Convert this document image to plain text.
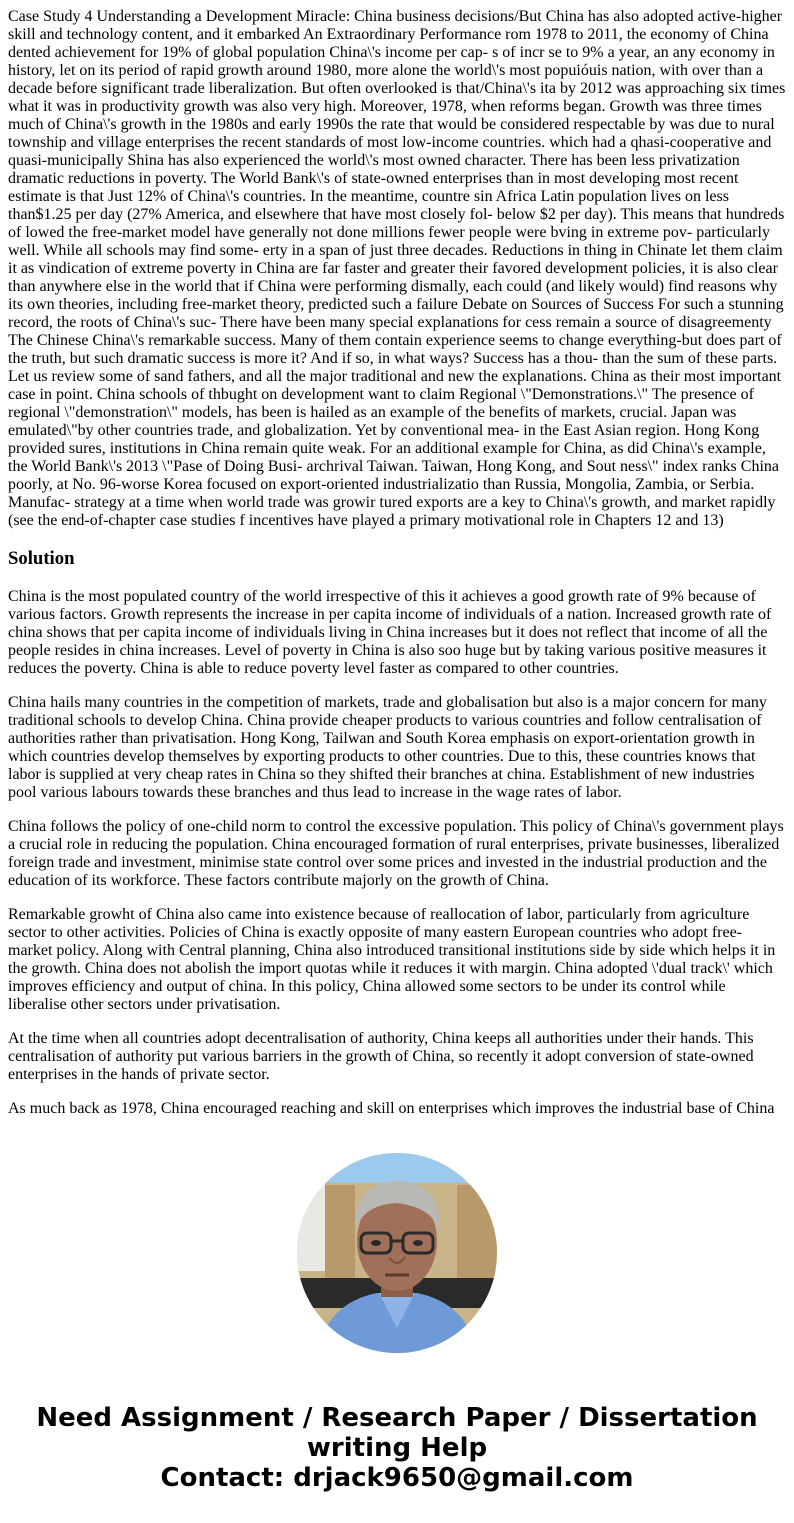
Case Study 4 Understanding a Development Miracle: China business decisions/But China has also adopted active-higher skill and technology content, and it embarked An Extraordinary Performance rom 1978 to 2011, the economy of China dented achievement for 19% of global population China\'s income per cap- s of incr se to 9% a year, an any economy in history, let on its period of rapid growth around 1980, more alone the world\'s most popuióuis nation, with over than a decade before significant trade liberalization. But often overlooked is that/China\'s ita by 2012 was approaching six times what it was in productivity growth was also very high. Moreover, 1978, when reforms began. Growth was three times much of China\'s growth in the 1980s and early 1990s the rate that would be considered respectable by was due to nural township and village enterprises the recent standards of most low-income countries. which had a qhasi-cooperative and quasi-municipally Shina has also experienced the world\'s most owned character. There has been less privatization dramatic reductions in poverty. The World Bank\'s of state-owned enterprises than in most developing most recent estimate is that Just 12% of China\'s countries. In the meantime, countre sin Africa Latin population lives on less than$1.25 per day (27% America, and elsewhere that have most closely fol- below $2 per day). This means that hundreds of lowed the free-market model have generally not done millions fewer people were bving in extreme pov- particularly well. While all schools may find some- erty in a span of just three decades. Reductions in thing in Chinate let them claim it as vindication of extreme poverty in China are far faster and greater their favored development policies, it is also clear than anywhere else in the world that if China were performing dismally, each could (and likely would) find reasons why its own theories, including free-market theory, predicted such a failure Debate on Sources of Success For such a stunning record, the roots of China\'s suc- There have been many special explanations for cess remain a source of disagreementy The Chinese China\'s remarkable success. Many of them contain experience seems to change everything-but does part of the truth, but such dramatic success is more it? And if so, in what ways? Success has a thou- than the sum of these parts. Let us review some of sand fathers, and all the major traditional and new the explanations. China as their most important case in point. China schools of thbught on development want to claim Regional \"Demonstrations.\" The presence of regional \"demonstration\" models, has been is hailed as an example of the benefits of markets, crucial. Japan was emulated\"by other countries trade, and globalization. Yet by conventional mea- in the East Asian region. Hong Kong provided sures, institutions in China remain quite weak. For an additional example for China, as did China\'s example, the World Bank\'s 2013 \"Pase of Doing Busi- archrival Taiwan. Taiwan, Hong Kong, and Sout ness\" index ranks China poorly, at No. 96-worse Korea focused on export-oriented industrializatio than Russia, Mongolia, Zambia, or Serbia. Manufac- strategy at a time when world trade was growir tured exports are a key to China\'s growth, and market rapidly (see the end-of-chapter case studies f incentives have played a primary motivational role in Chapters 12 and 13)

Solution

China is the most populated country of the world irrespective of this it achieves a good growth rate of 9% because of various factors. Growth represents the increase in per capita income of individuals of a nation. Increased growth rate of china shows that per capita income of individuals living in China increases but it does not reflect that income of all the people resides in china increases. Level of poverty in China is also soo huge but by taking various positive measures it reduces the poverty. China is able to reduce poverty level faster as compared to other countries.

China hails many countries in the competition of markets, trade and globalisation but also is a major concern for many traditional schools to develop China. China provide cheaper products to various countries and follow centralisation of authorities rather than privatisation. Hong Kong, Tailwan and South Korea emphasis on export-orientation growth in which countries develop themselves by exporting products to other countries. Due to this, these countries knows that labor is supplied at very cheap rates in China so they shifted their branches at china. Establishment of new industries pool various labours towards these branches and thus lead to increase in the wage rates of labor.

China follows the policy of one-child norm to control the excessive population. This policy of China\'s government plays a crucial role in reducing the population. China encouraged formation of rural enterprises, private businesses, liberalized foreign trade and investment, minimise state control over some prices and invested in the industrial production and the education of its workforce. These factors contribute majorly on the growth of China.

Remarkable growht of China also came into existence because of reallocation of labor, particularly from agriculture sector to other activities. Policies of China is exactly opposite of many eastern European countries who adopt free-market policy. Along with Central planning, China also introduced transitional institutions side by side which helps it in the growth. China does not abolish the import quotas while it reduces it with margin. China adopted \'dual track\' which improves efficiency and output of china. In this policy, China allowed some sectors to be under its control while liberalise other sectors under privatisation.

At the time when all countries adopt decentralisation of authority, China keeps all authorities under their hands. This centralisation of authority put various barriers in the growth of China, so recently it adopt conversion of state-owned enterprises in the hands of private sector.

As much back as 1978, China encouraged reaching and skill on enterprises which improves the industrial base of China

Need Assignment / Research Paper / Dissertation
writing Help
Contact: drjack9650@gmail.com
